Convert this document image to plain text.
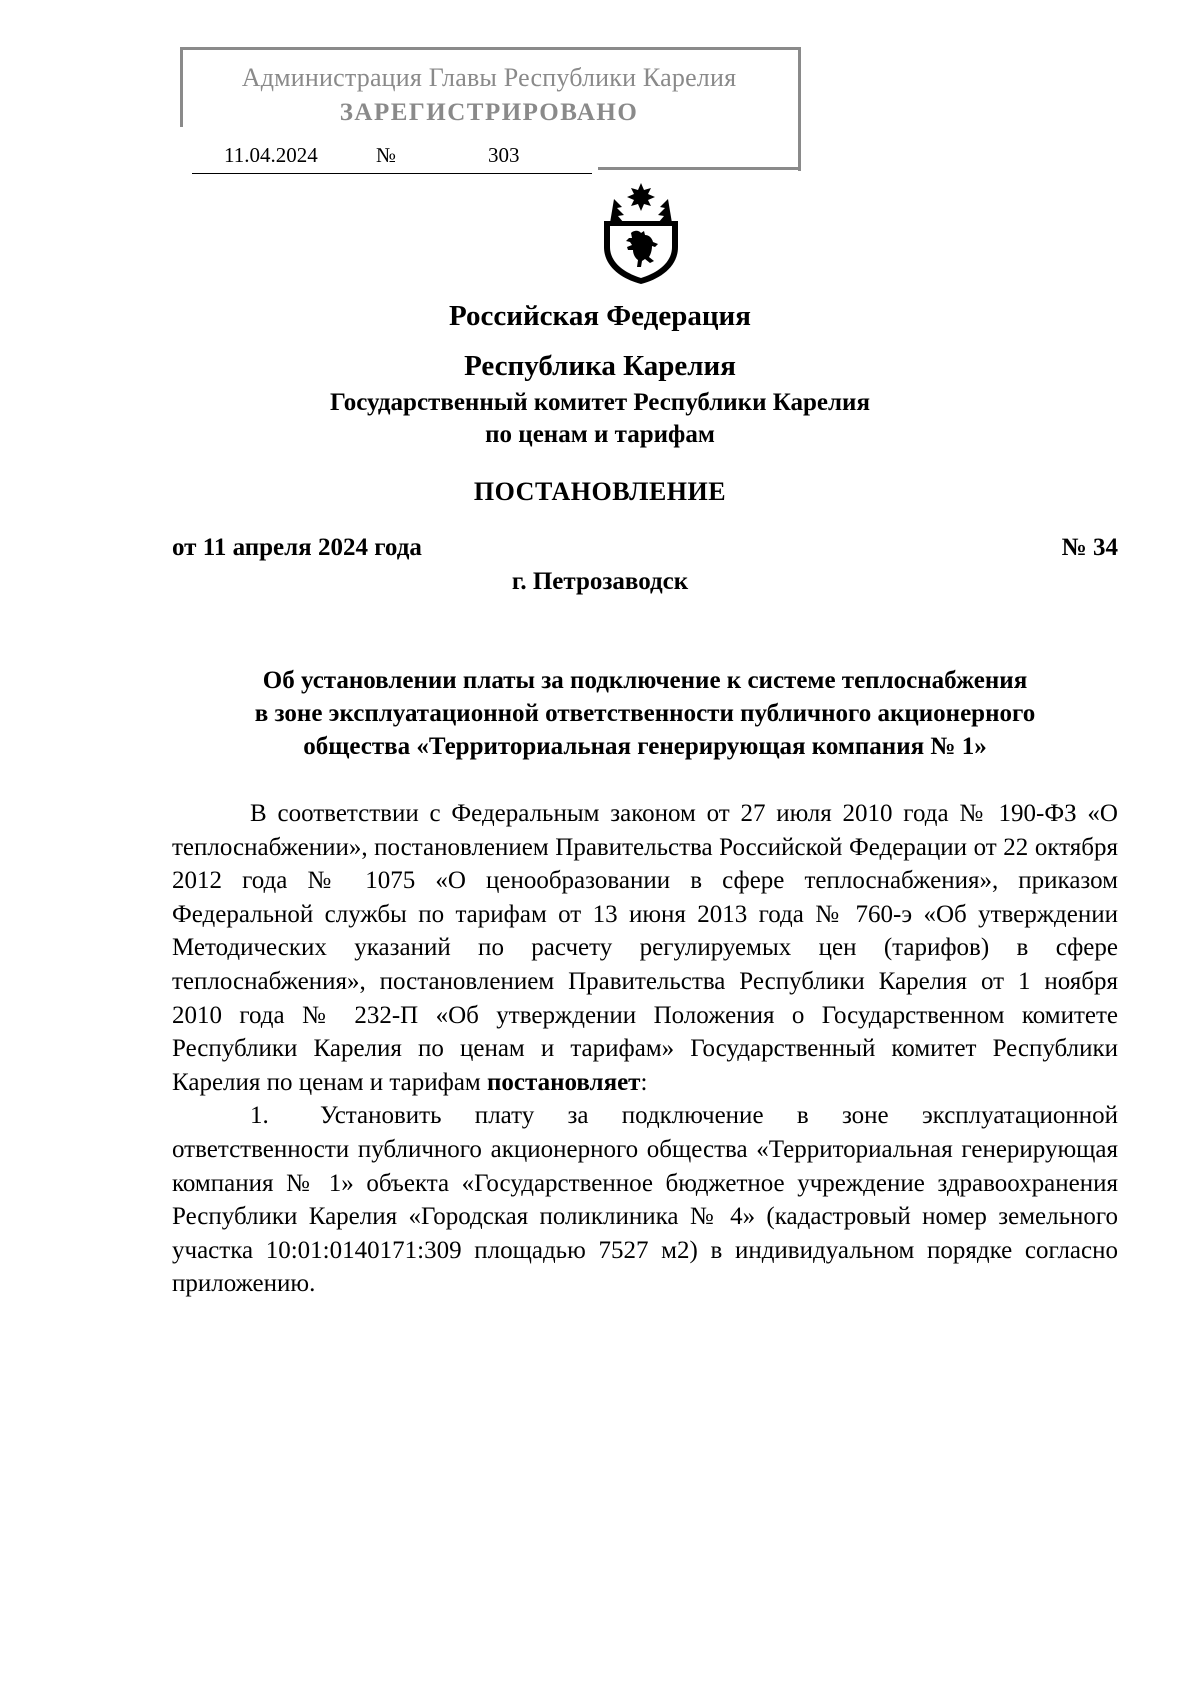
Администрация Главы Республики Карелия
ЗАРЕГИСТРИРОВАНО
11.04.2024	№	303
Российская Федерация
Республика Карелия
Государственный комитет Республики Карелия
по ценам и тарифам
ПОСТАНОВЛЕНИЕ
от 11 апреля 2024 года	№ 34
г. Петрозаводск
Об установлении платы за подключение к системе теплоснабжения
в зоне эксплуатационной ответственности публичного акционерного
общества «Территориальная генерирующая компания № 1»

В соответствии с Федеральным законом от 27 июля 2010 года № 190-ФЗ «О теплоснабжении», постановлением Правительства Российской Федерации от 22 октября 2012 года № 1075 «О ценообразовании в сфере теплоснабжения», приказом Федеральной службы по тарифам от 13 июня 2013 года № 760-э «Об утверждении Методических указаний по расчету регулируемых цен (тарифов) в сфере теплоснабжения», постановлением Правительства Республики Карелия от 1 ноября 2010 года № 232-П «Об утверждении Положения о Государственном комитете Республики Карелия по ценам и тарифам» Государственный комитет Республики Карелия по ценам и тарифам постановляет:

1. Установить плату за подключение в зоне эксплуатационной ответственности публичного акционерного общества «Территориальная генерирующая компания № 1» объекта «Государственное бюджетное учреждение здравоохранения Республики Карелия «Городская поликлиника № 4» (кадастровый номер земельного участка 10:01:0140171:309 площадью 7527 м2) в индивидуальном порядке согласно приложению.
